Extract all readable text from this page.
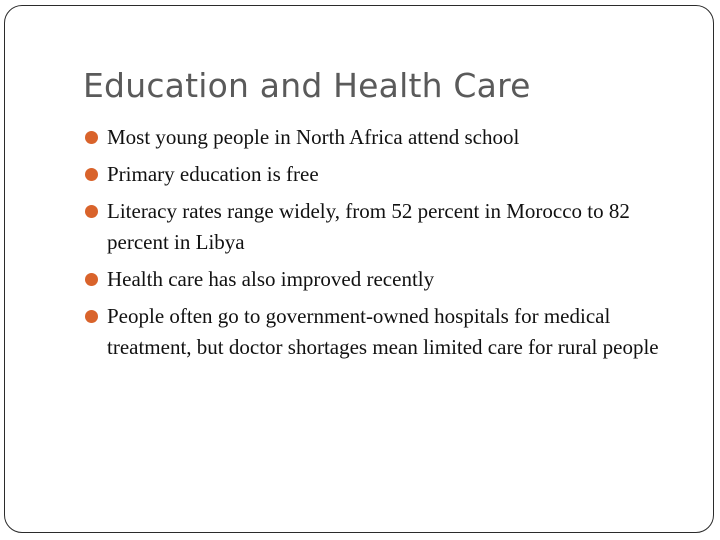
Education and Health Care
Most young people in North Africa attend school
Primary education is free
Literacy rates range widely, from 52 percent in Morocco to 82 percent in Libya
Health care has also improved recently
People often go to government-owned hospitals for medical treatment, but doctor shortages mean limited care for rural people
